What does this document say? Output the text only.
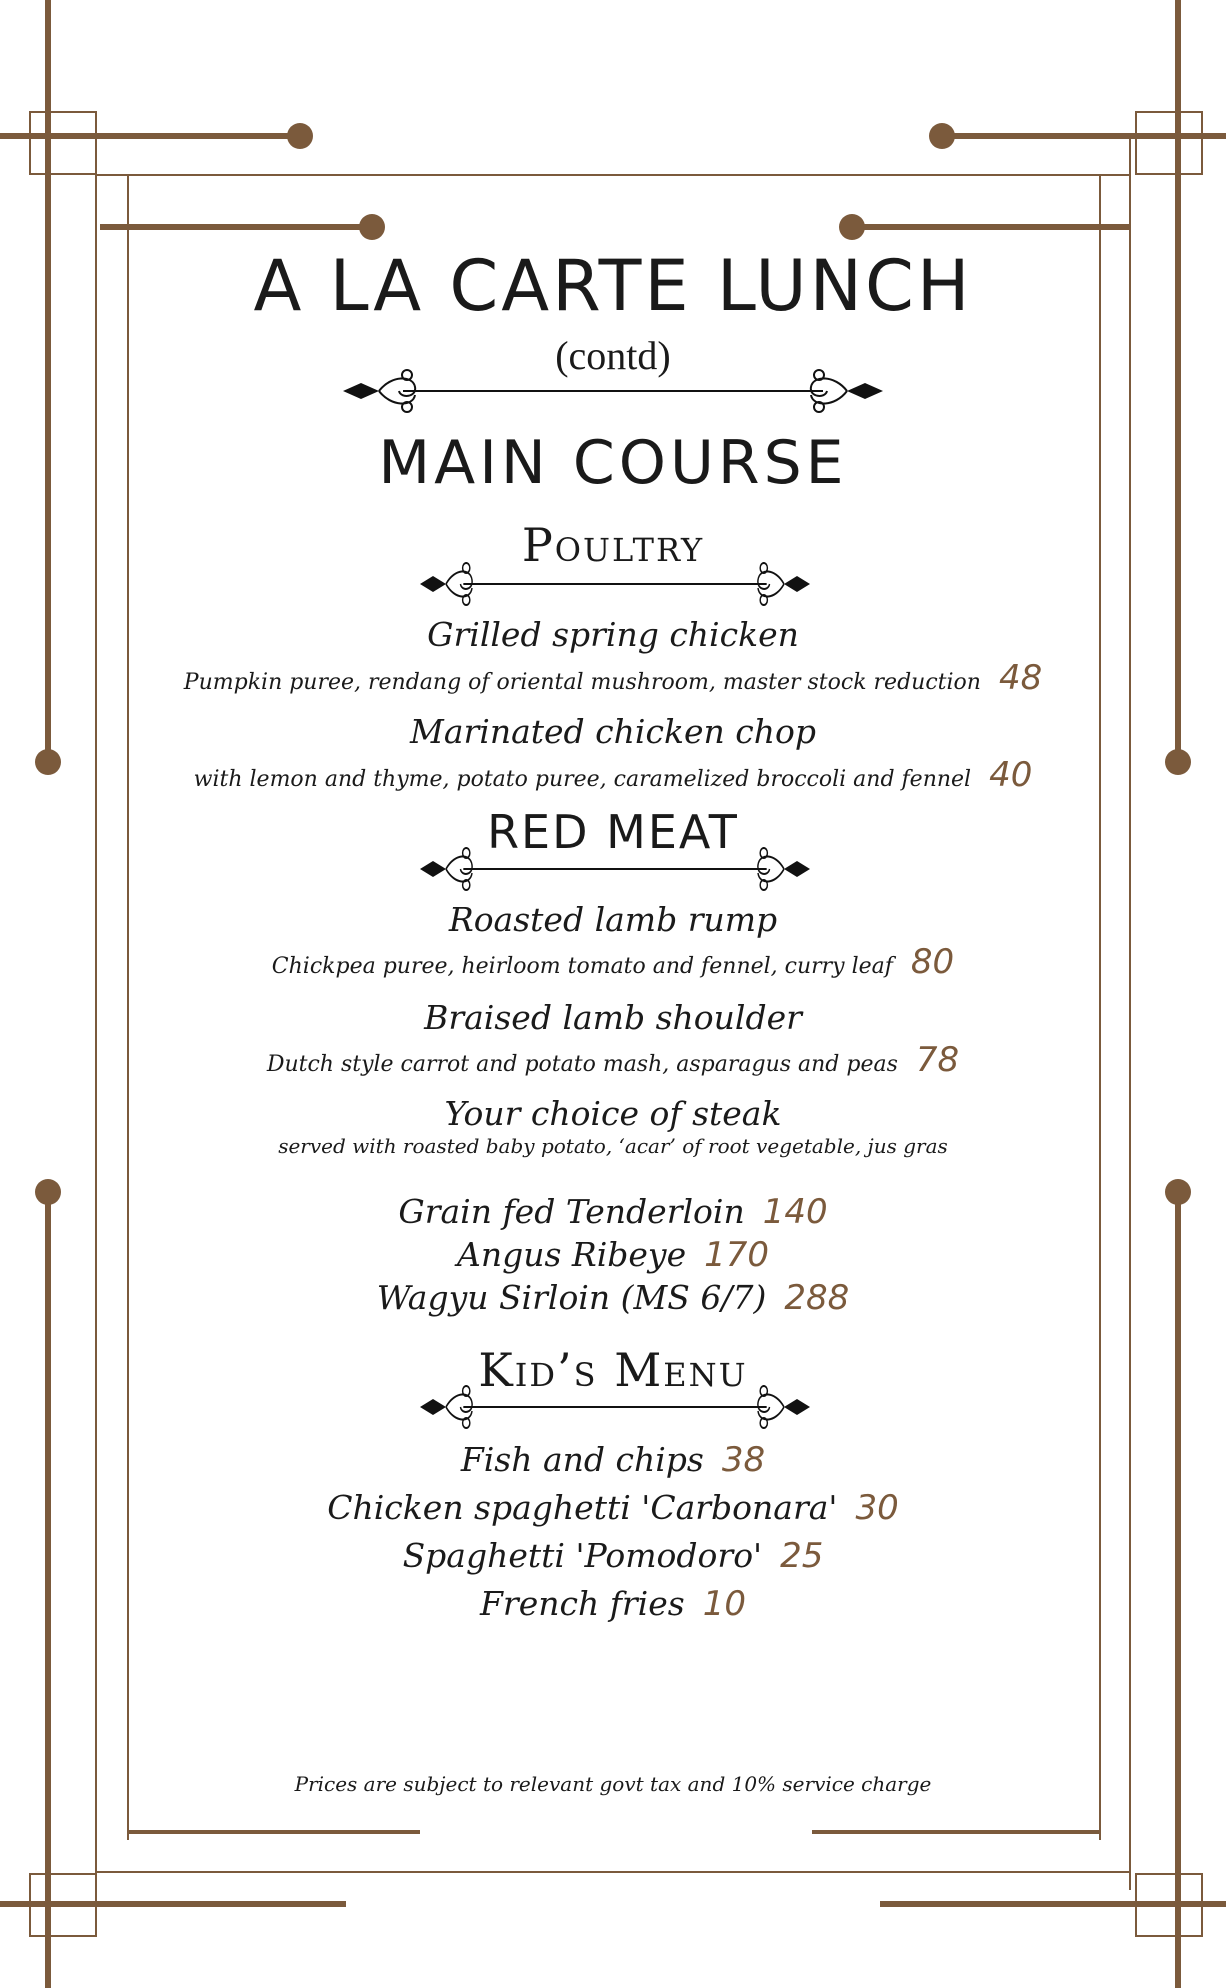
A LA CARTE LUNCH
(contd)
MAIN COURSE
Poultry
Grilled spring chicken
Pumpkin puree, rendang of oriental mushroom, master stock reduction 48
Marinated chicken chop
with lemon and thyme, potato puree, caramelized broccoli and fennel 40
RED MEAT
Roasted lamb rump
Chickpea puree, heirloom tomato and fennel, curry leaf 80
Braised lamb shoulder
Dutch style carrot and potato mash, asparagus and peas 78
Your choice of steak
served with roasted baby potato, ‘acar’ of root vegetable, jus gras
Grain fed Tenderloin 140
Angus Ribeye 170
Wagyu Sirloin (MS 6/7) 288
Kid’s Menu
Fish and chips 38
Chicken spaghetti 'Carbonara' 30
Spaghetti 'Pomodoro' 25
French fries 10
Prices are subject to relevant govt tax and 10% service charge
